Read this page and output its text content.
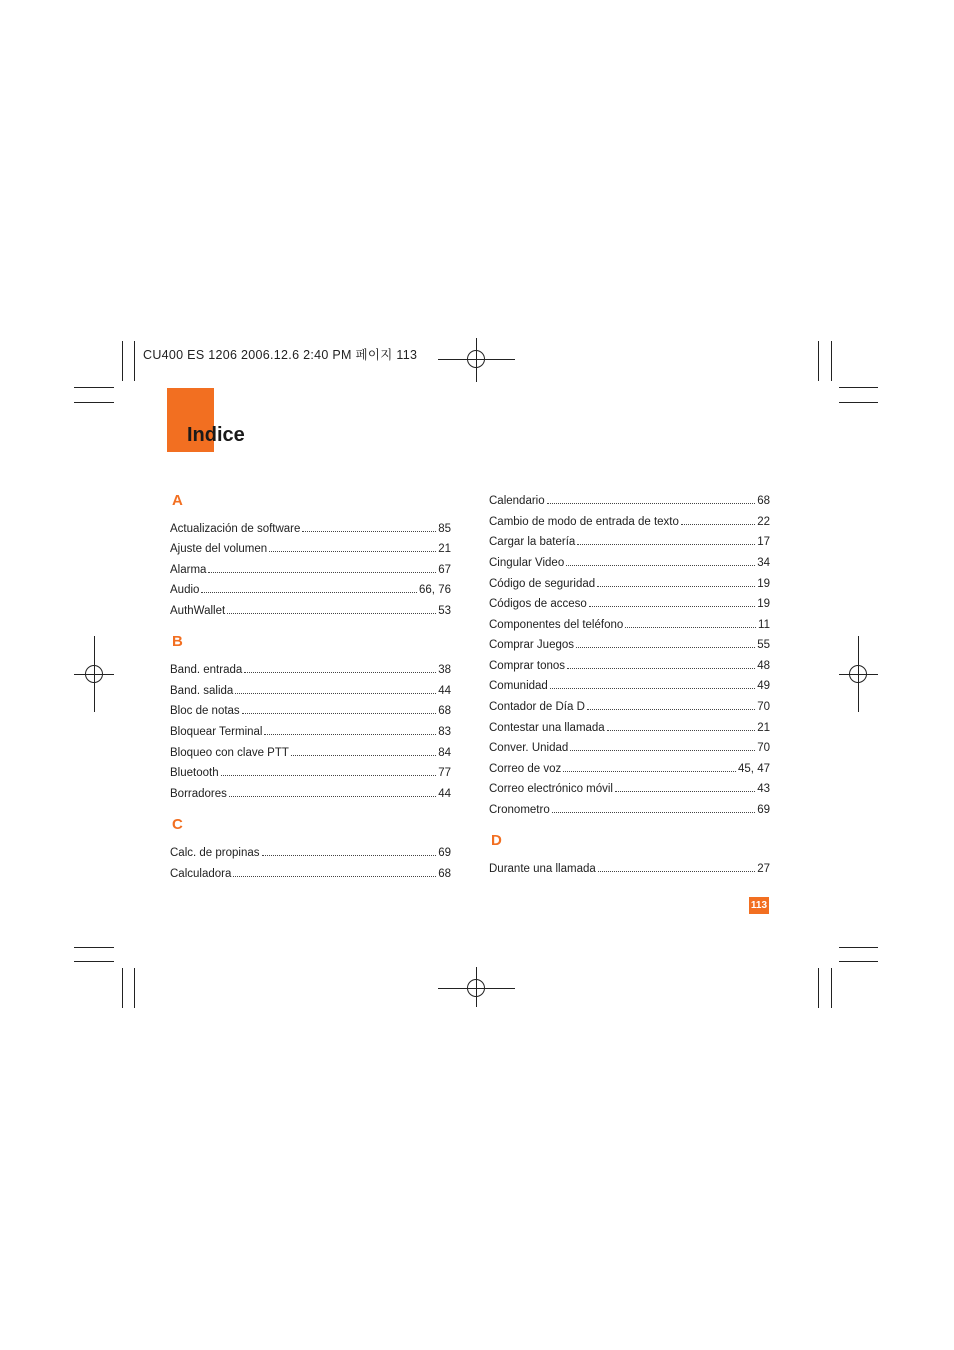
CU400 ES 1206 2006.12.6 2:40 PM 페이지 113
Indice
A
Actualización de software	85
Ajuste del volumen	21
Alarma	67
Audio	66, 76
AuthWallet	53
B
Band. entrada	38
Band. salida	44
Bloc de notas	68
Bloquear Terminal	83
Bloqueo con clave PTT	84
Bluetooth	77
Borradores	44
C
Calc. de propinas	69
Calculadora	68
Calendario	68
Cambio de modo de entrada de texto	22
Cargar la batería	17
Cingular Video	34
Código de seguridad	19
Códigos de acceso	19
Componentes del teléfono	11
Comprar Juegos	55
Comprar tonos	48
Comunidad	49
Contador de Día D	70
Contestar una llamada	21
Conver. Unidad	70
Correo de voz	45, 47
Correo electrónico móvil	43
Cronometro	69
D
Durante una llamada	27
113
